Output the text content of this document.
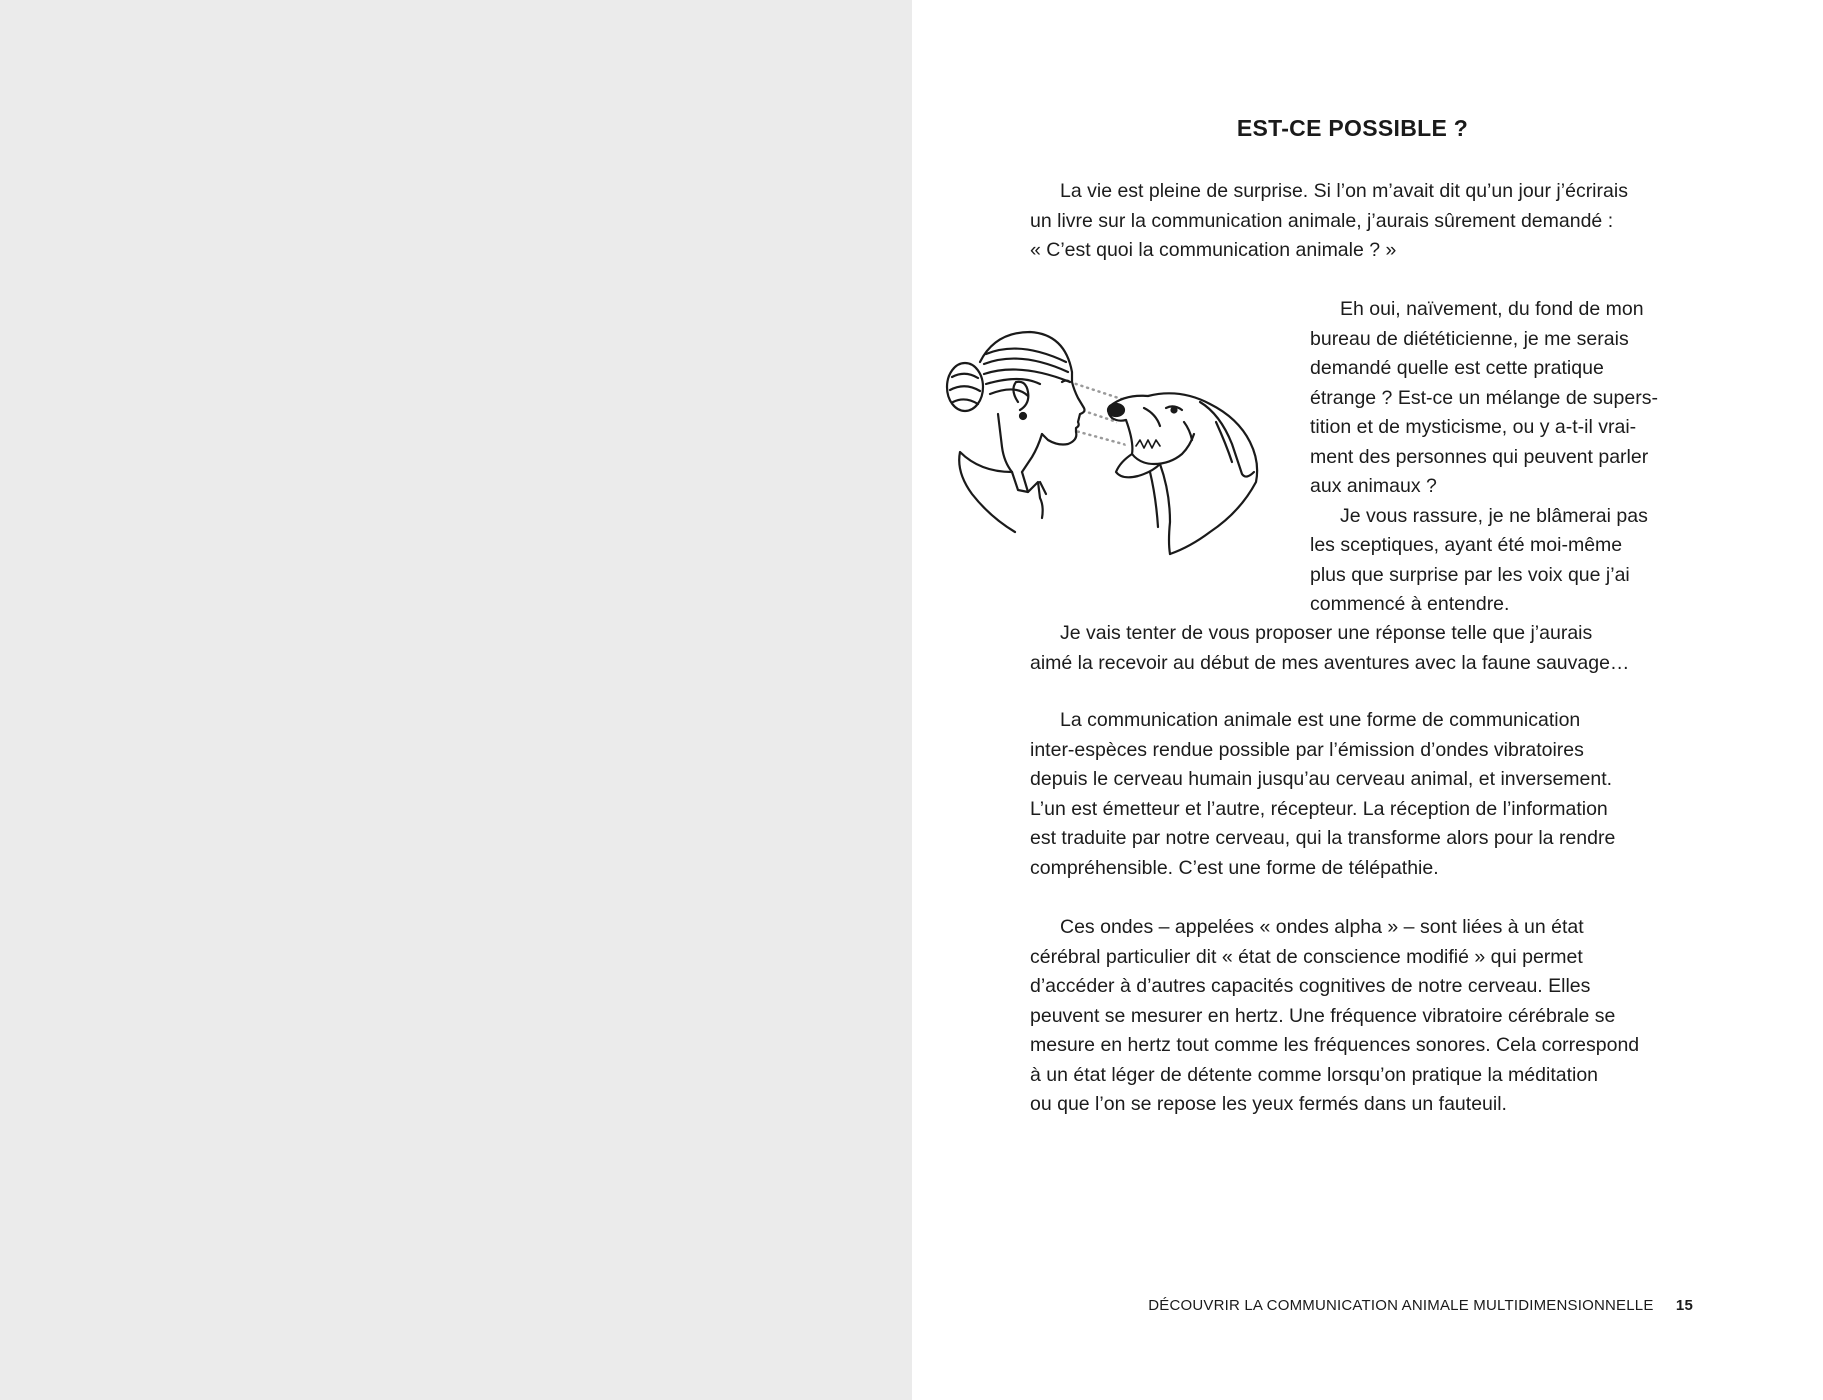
EST-CE POSSIBLE ?
La vie est pleine de surprise. Si l’on m’avait dit qu’un jour j’écrirais
un livre sur la communication animale, j’aurais sûrement demandé :
« C’est quoi la communication animale ? »
Eh oui, naïvement, du fond de mon
bureau de diététicienne, je me serais
demandé quelle est cette pratique
étrange ? Est-ce un mélange de supers-
tition et de mysticisme, ou y a-t-il vrai-
ment des personnes qui peuvent parler
aux animaux ?
Je vous rassure, je ne blâmerai pas
les sceptiques, ayant été moi-même
plus que surprise par les voix que j’ai
commencé à entendre.
Je vais tenter de vous proposer une réponse telle que j’aurais
aimé la recevoir au début de mes aventures avec la faune sauvage…
La communication animale est une forme de communication
inter-espèces rendue possible par l’émission d’ondes vibratoires
depuis le cerveau humain jusqu’au cerveau animal, et inversement.
L’un est émetteur et l’autre, récepteur. La réception de l’information
est traduite par notre cerveau, qui la transforme alors pour la rendre
compréhensible. C’est une forme de télépathie.
Ces ondes – appelées « ondes alpha » – sont liées à un état
cérébral particulier dit « état de conscience modifié » qui permet
d’accéder à d’autres capacités cognitives de notre cerveau. Elles
peuvent se mesurer en hertz. Une fréquence vibratoire cérébrale se
mesure en hertz tout comme les fréquences sonores. Cela correspond
à un état léger de détente comme lorsqu’on pratique la méditation
ou que l’on se repose les yeux fermés dans un fauteuil.
DÉCOUVRIR LA COMMUNICATION ANIMALE MULTIDIMENSIONNELLE 15
